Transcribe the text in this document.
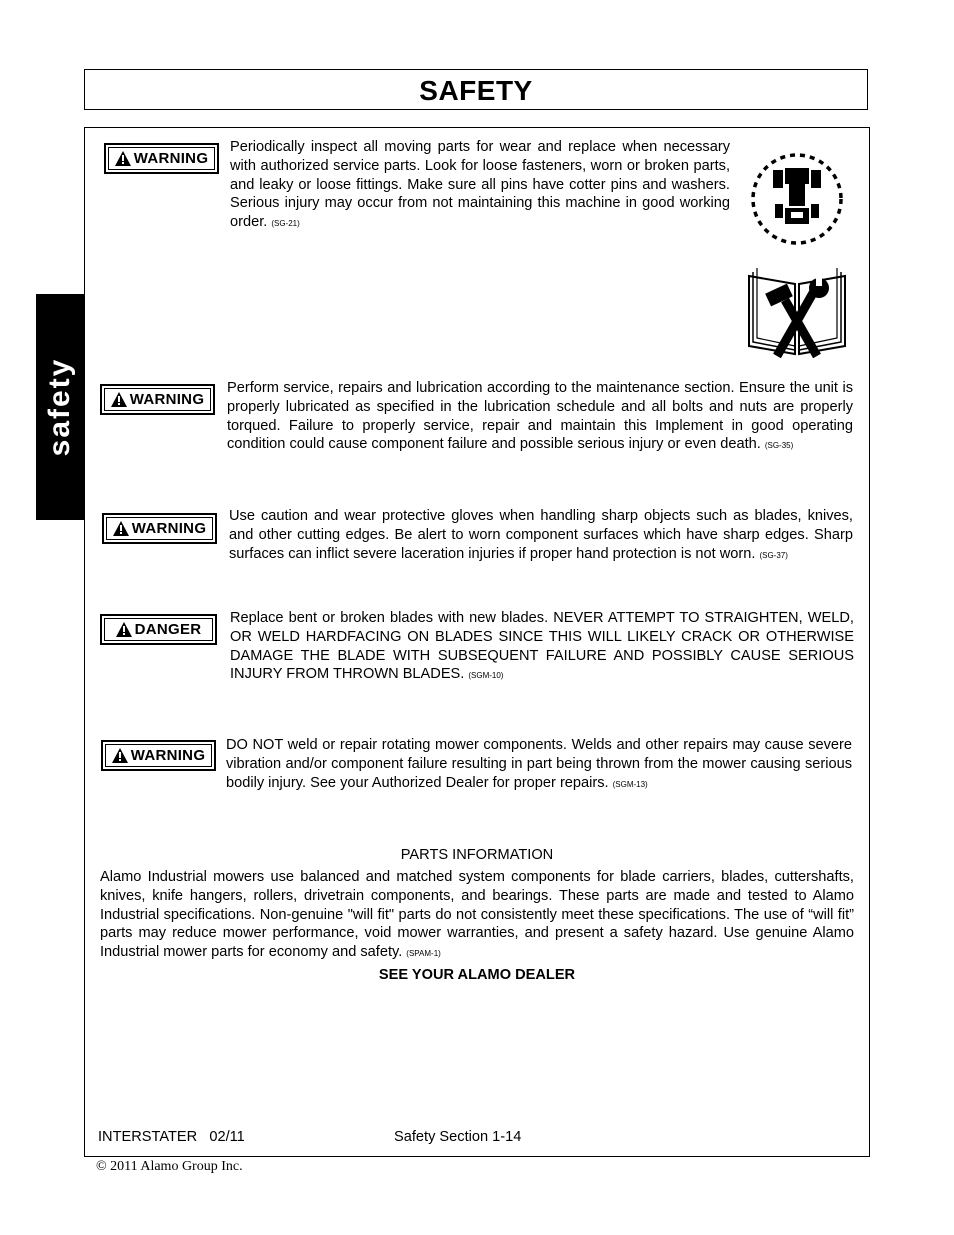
SAFETY
safety
WARNING
Periodically inspect all moving parts for wear and replace when necessary with authorized service parts. Look for loose fasteners, worn or broken parts, and leaky or loose fittings. Make sure all pins have cotter pins and washers. Serious injury may occur from not maintaining this machine in good working order. (SG-21)
WARNING
Perform service, repairs and lubrication according to the maintenance section. Ensure the unit is properly lubricated as specified in the lubrication schedule and all bolts and nuts are properly torqued. Failure to properly service, repair and maintain this Implement in good operating condition could cause component failure and possible serious injury or even death. (SG-35)
WARNING
Use caution and wear protective gloves when handling sharp objects such as blades, knives, and other cutting edges. Be alert to worn component surfaces which have sharp edges. Sharp surfaces can inflict severe laceration injuries if proper hand protection is not worn. (SG-37)
DANGER
Replace bent or broken blades with new blades. NEVER ATTEMPT TO STRAIGHTEN, WELD, OR WELD HARDFACING ON BLADES SINCE THIS WILL LIKELY CRACK OR OTHERWISE DAMAGE THE BLADE WITH SUBSEQUENT FAILURE AND POSSIBLY CAUSE SERIOUS INJURY FROM THROWN BLADES. (SGM-10)
WARNING
DO NOT weld or repair rotating mower components. Welds and other repairs may cause severe vibration and/or component failure resulting in part being thrown from the mower causing serious bodily injury. See your Authorized Dealer for proper repairs. (SGM-13)
PARTS INFORMATION
Alamo Industrial mowers use balanced and matched system components for blade carriers, blades, cuttershafts, knives, knife hangers, rollers, drivetrain components, and bearings. These parts are made and tested to Alamo Industrial specifications. Non-genuine "will fit" parts do not consistently meet these specifications. The use of “will fit” parts may reduce mower performance, void mower warranties, and present a safety hazard. Use genuine Alamo Industrial mower parts for economy and safety. (SPAM-1)
SEE YOUR ALAMO DEALER
INTERSTATER   02/11	Safety Section 1-14
© 2011 Alamo Group Inc.
